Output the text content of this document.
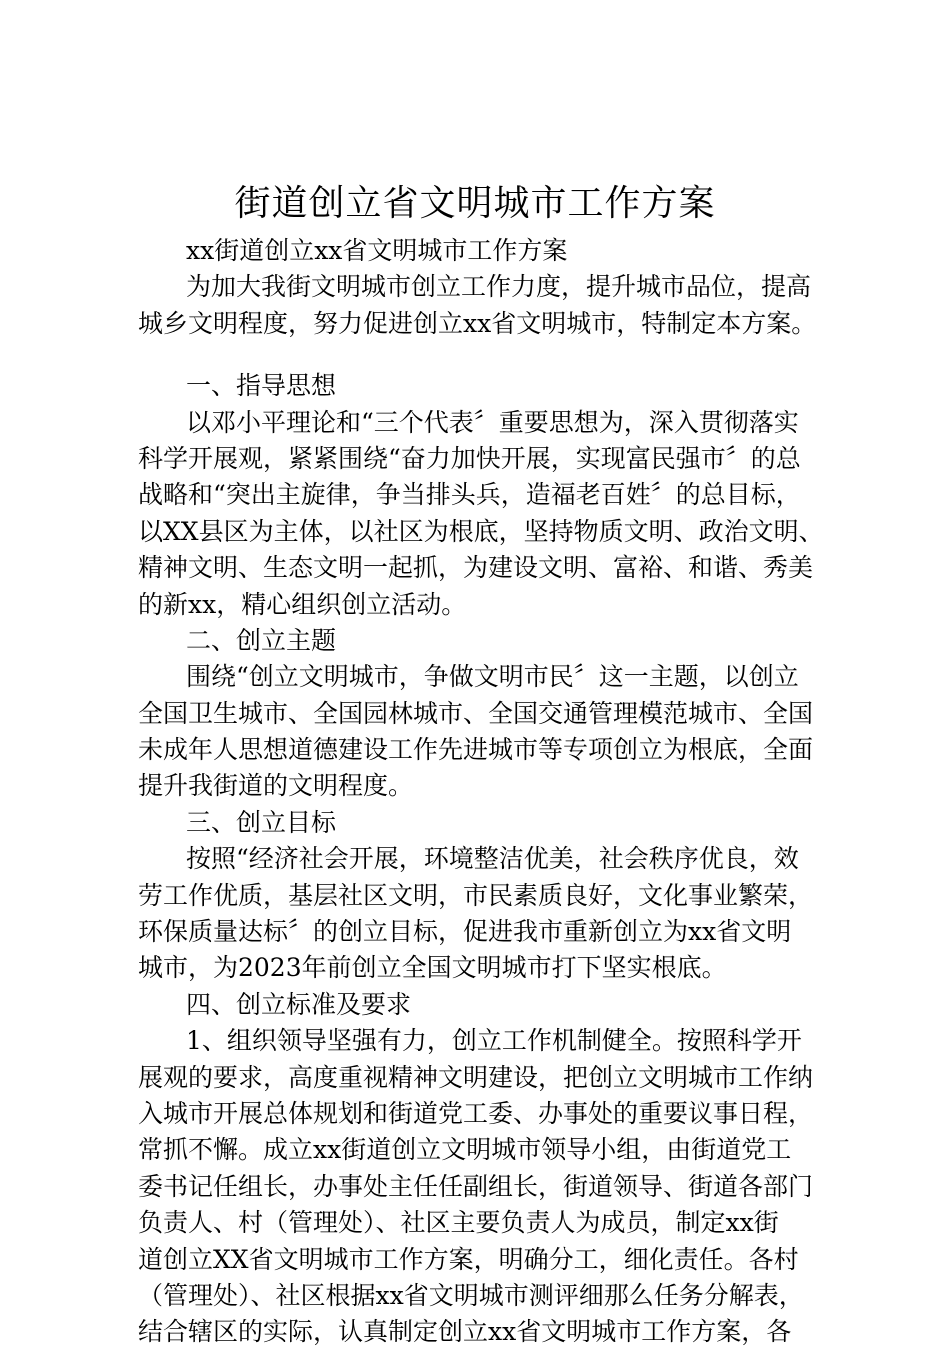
街道创立省文明城市工作方案
xx街道创立xx省文明城市工作方案
为加大我街文明城市创立工作力度，提升城市品位，提高
城乡文明程度，努力促进创立xx省文明城市，特制定本方案。
一、指导思想
以邓小平理论和“三个代表〞重要思想为，深入贯彻落实
科学开展观，紧紧围绕“奋力加快开展，实现富民强市〞的总
战略和“突出主旋律，争当排头兵，造福老百姓〞的总目标，
以XX县区为主体，以社区为根底，坚持物质文明、政治文明、
精神文明、生态文明一起抓，为建设文明、富裕、和谐、秀美
的新xx，精心组织创立活动。
二、创立主题
围绕“创立文明城市，争做文明市民〞这一主题，以创立
全国卫生城市、全国园林城市、全国交通管理模范城市、全国
未成年人思想道德建设工作先进城市等专项创立为根底，全面
提升我街道的文明程度。
三、创立目标
按照“经济社会开展，环境整洁优美，社会秩序优良，效
劳工作优质，基层社区文明，市民素质良好，文化事业繁荣，
环保质量达标〞的创立目标，促进我市重新创立为xx省文明
城市，为2023年前创立全国文明城市打下坚实根底。
四、创立标准及要求
1、组织领导坚强有力，创立工作机制健全。按照科学开
展观的要求，高度重视精神文明建设，把创立文明城市工作纳
入城市开展总体规划和街道党工委、办事处的重要议事日程，
常抓不懈。成立xx街道创立文明城市领导小组，由街道党工
委书记任组长，办事处主任任副组长，街道领导、街道各部门
负责人、村（管理处）、社区主要负责人为成员，制定xx街
道创立XX省文明城市工作方案，明确分工，细化责任。各村
（管理处）、社区根据xx省文明城市测评细那么任务分解表，
结合辖区的实际，认真制定创立xx省文明城市工作方案，各
